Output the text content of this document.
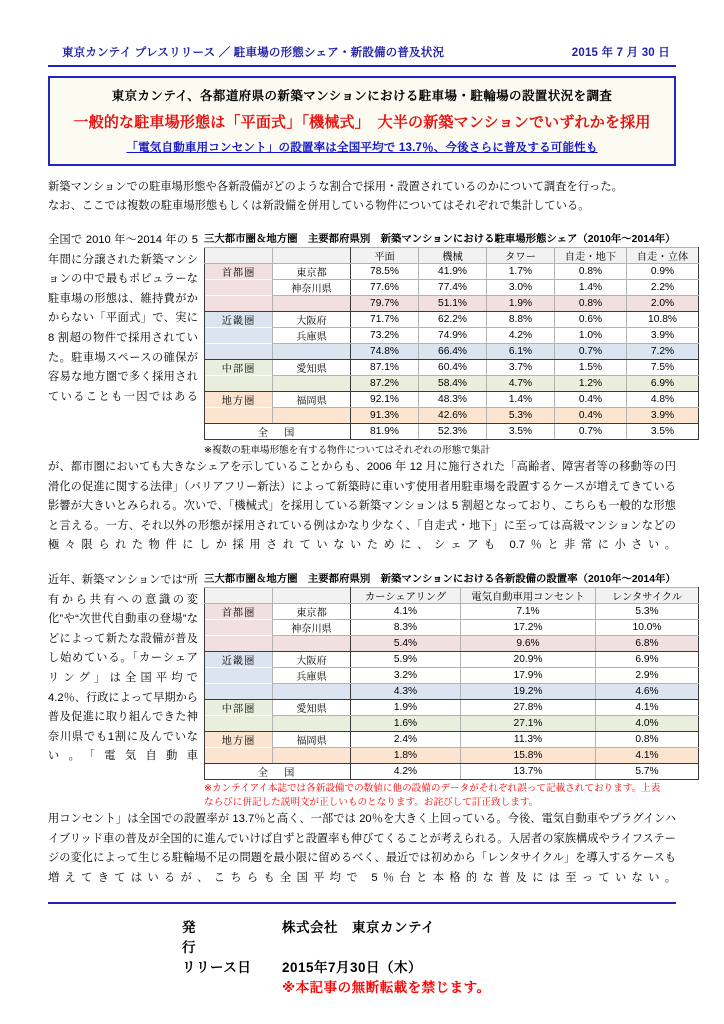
東京カンテイ プレスリリース ／ 駐車場の形態シェア・新設備の普及状況	2015 年 7 月 30 日
東京カンテイ、各都道府県の新築マンションにおける駐車場・駐輪場の設置状況を調査
一般的な駐車場形態は「平面式」「機械式」　大半の新築マンションでいずれかを採用
「電気自動車用コンセント」の設置率は全国平均で 13.7％、今後さらに普及する可能性も
新築マンションでの駐車場形態や各新設備がどのような割合で採用・設置されているのかについて調査を行った。
なお、ここでは複数の駐車場形態もしくは新設備を併用している物件についてはそれぞれで集計している。

全国で 2010 年～2014 年の 5 年間に分譲された新築マンションの中で最もポピュラーな駐車場の形態は、維持費がかからない「平面式」で、実に 8 割超の物件で採用されていた。駐車場スペースの確保が容易な地方圏で多く採用されていることも一因ではある

三大都市圏＆地方圏　主要都府県別　新築マンションにおける駐車場形態シェア（2010年～2014年）
		平面	機械	タワー	自走・地下	自走・立体
首都圏	東京都	78.5%	41.9%	1.7%	0.8%	0.9%
	神奈川県	77.6%	77.4%	3.0%	1.4%	2.2%
		79.7%	51.1%	1.9%	0.8%	2.0%
近畿圏	大阪府	71.7%	62.2%	8.8%	0.6%	10.8%
	兵庫県	73.2%	74.9%	4.2%	1.0%	3.9%
		74.8%	66.4%	6.1%	0.7%	7.2%
中部圏	愛知県	87.1%	60.4%	3.7%	1.5%	7.5%
		87.2%	58.4%	4.7%	1.2%	6.9%
地方圏	福岡県	92.1%	48.3%	1.4%	0.4%	4.8%
		91.3%	42.6%	5.3%	0.4%	3.9%
全　国		81.9%	52.3%	3.5%	0.7%	3.5%
※複数の駐車場形態を有する物件についてはそれぞれの形態で集計

が、都市圏においても大きなシェアを示していることからも、2006 年 12 月に施行された「高齢者、障害者等の移動等の円滑化の促進に関する法律」（バリアフリー新法）によって新築時に車いす使用者用駐車場を設置するケースが増えてきている影響が大きいとみられる。次いで、「機械式」を採用している新築マンションは 5 割超となっており、こちらも一般的な形態と言える。一方、それ以外の形態が採用されている例はかなり少なく、「自走式・地下」に至っては高級マンションなどの極々限られた物件にしか採用されていないために、シェアも 0.7％と非常に小さい。

近年、新築マンションでは“所有から共有への意識の変化”や“次世代自動車の登場”などによって新たな設備が普及し始めている。「カーシェアリング」は全国平均で 4.2％、行政によって早期から普及促進に取り組んできた神奈川県でも1割に及んでいない。「電気自動車

三大都市圏＆地方圏　主要都府県別　新築マンションにおける各新設備の設置率（2010年～2014年）
		カーシェアリング	電気自動車用コンセント	レンタサイクル
首都圏	東京都	4.1%	7.1%	5.3%
	神奈川県	8.3%	17.2%	10.0%
		5.4%	9.6%	6.8%
近畿圏	大阪府	5.9%	20.9%	6.9%
	兵庫県	3.2%	17.9%	2.9%
		4.3%	19.2%	4.6%
中部圏	愛知県	1.9%	27.8%	4.1%
		1.6%	27.1%	4.0%
地方圏	福岡県	2.4%	11.3%	0.8%
		1.8%	15.8%	4.1%
全　国		4.2%	13.7%	5.7%
※カンテイアイ本誌では各新設備での数値に他の設備のデータがそれぞれ誤って記載されております。上表
ならびに併記した説明文が正しいものとなります。お詫びして訂正致します。

用コンセント」は全国での設置率が 13.7％と高く、一部では 20％を大きく上回っている。今後、電気自動車やプラグインハイブリッド車の普及が全国的に進んでいけば自ずと設置率も伸びてくることが考えられる。入居者の家族構成やライフステージの変化によって生じる駐輪場不足の問題を最小限に留めるべく、最近では初めから「レンタサイクル」を導入するケースも増えてきてはいるが、こちらも全国平均で 5％台と本格的な普及には至っていない。

発　　行
株式会社　東京カンテイ
リリース日	2015年7月30日（木）
※本記事の無断転載を禁じます。
